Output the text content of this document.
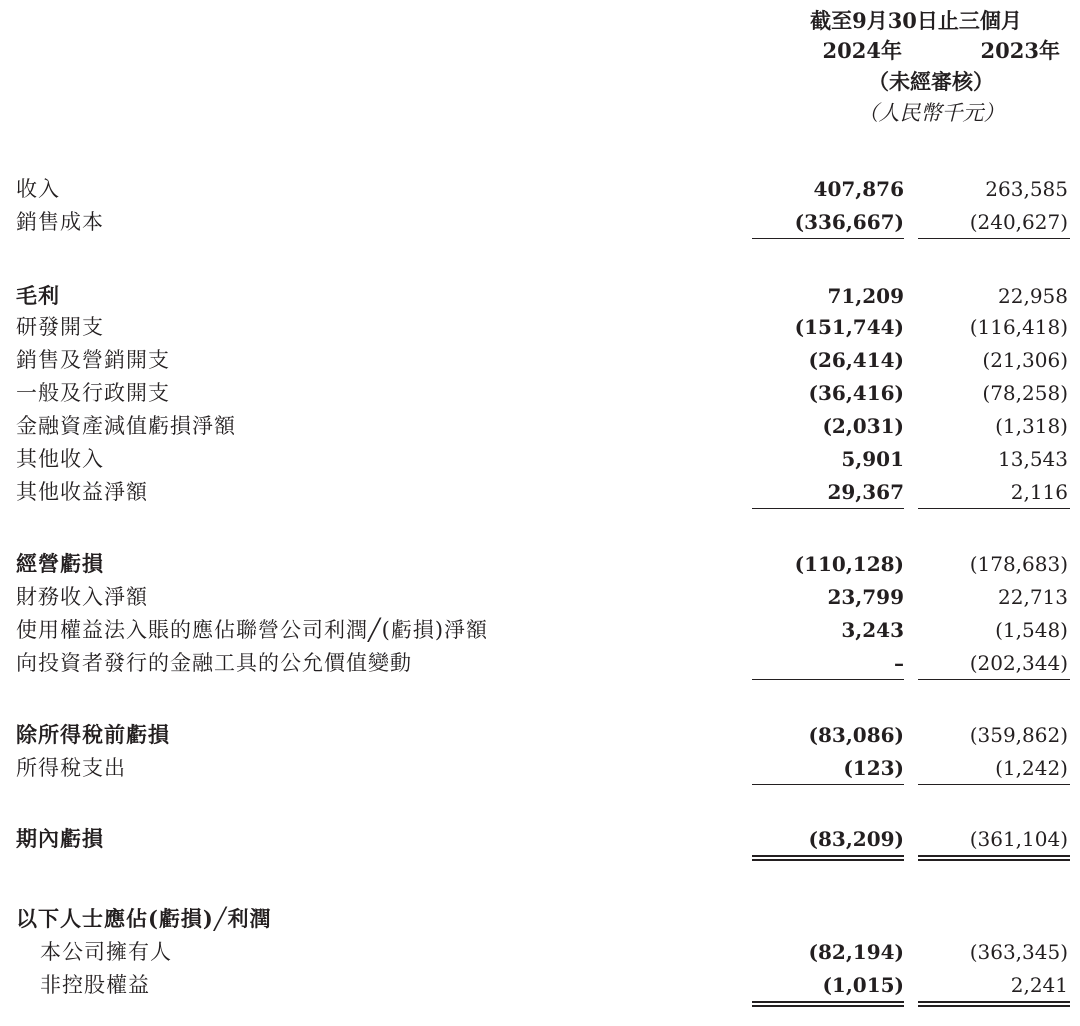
截至9月30日止三個月
2024年	2023年
（未經審核）
（人民幣千元）
收入	407,876	263,585
銷售成本	(336,667)	(240,627)
毛利	71,209	22,958
研發開支	(151,744)	(116,418)
銷售及營銷開支	(26,414)	(21,306)
一般及行政開支	(36,416)	(78,258)
金融資產減值虧損淨額	(2,031)	(1,318)
其他收入	5,901	13,543
其他收益淨額	29,367	2,116
經營虧損	(110,128)	(178,683)
財務收入淨額	23,799	22,713
使用權益法入賬的應佔聯營公司利潤╱(虧損)淨額	3,243	(1,548)
向投資者發行的金融工具的公允價值變動	–	(202,344)
除所得稅前虧損	(83,086)	(359,862)
所得稅支出	(123)	(1,242)
期內虧損	(83,209)	(361,104)
以下人士應佔(虧損)╱利潤
本公司擁有人	(82,194)	(363,345)
非控股權益	(1,015)	2,241
